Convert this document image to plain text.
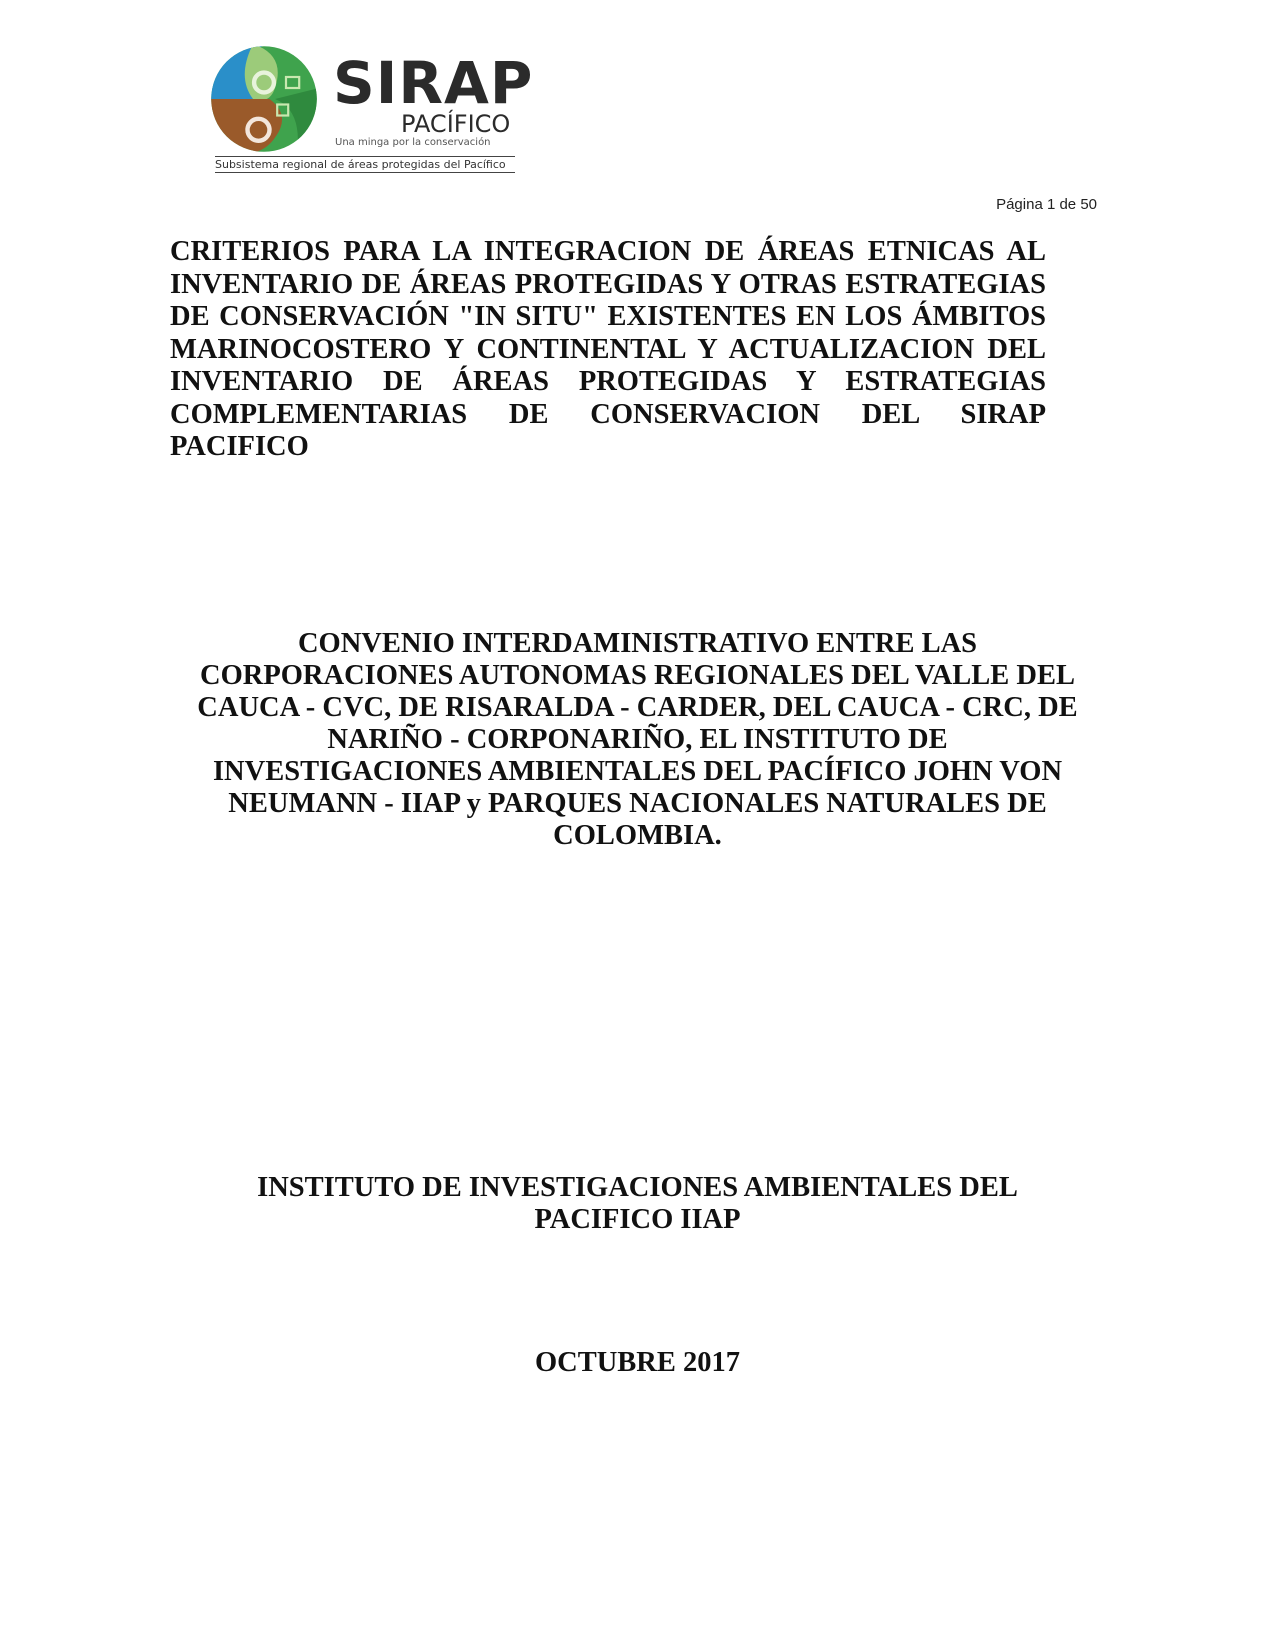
SIRAP
PACÍFICO
Una minga por la conservación
Subsistema regional de áreas protegidas del Pacífico
Página 1 de 50
CRITERIOS PARA LA INTEGRACION DE ÁREAS ETNICAS AL
INVENTARIO DE ÁREAS PROTEGIDAS Y OTRAS ESTRATEGIAS
DE CONSERVACIÓN "IN SITU" EXISTENTES EN LOS ÁMBITOS
MARINOCOSTERO Y CONTINENTAL Y ACTUALIZACION DEL
INVENTARIO DE ÁREAS PROTEGIDAS Y ESTRATEGIAS
COMPLEMENTARIAS DE CONSERVACION DEL SIRAP PACIFICO
CONVENIO INTERDAMINISTRATIVO ENTRE LAS
CORPORACIONES AUTONOMAS REGIONALES DEL VALLE DEL
CAUCA - CVC, DE RISARALDA - CARDER, DEL CAUCA - CRC, DE
NARIÑO - CORPONARIÑO, EL INSTITUTO DE
INVESTIGACIONES AMBIENTALES DEL PACÍFICO JOHN VON
NEUMANN - IIAP y PARQUES NACIONALES NATURALES DE
COLOMBIA.
INSTITUTO DE INVESTIGACIONES AMBIENTALES DEL
PACIFICO IIAP
OCTUBRE 2017
